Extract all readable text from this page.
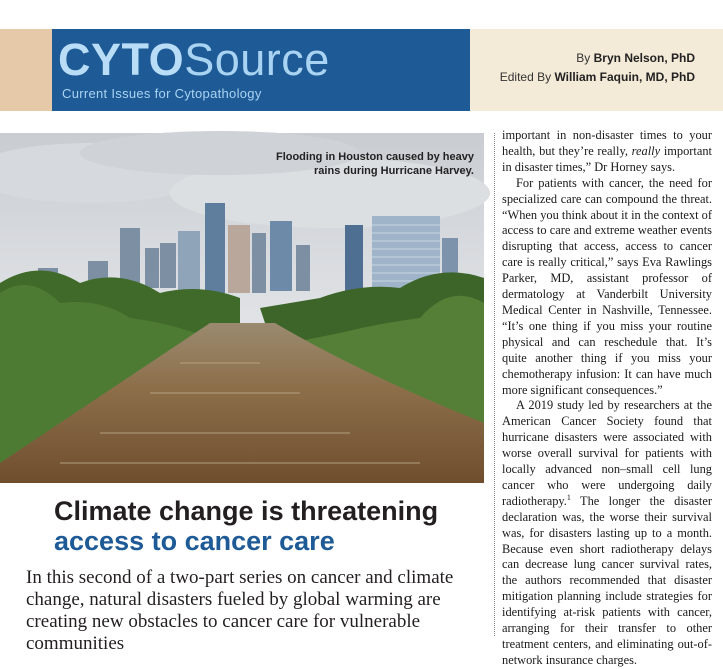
CYTOSource
Current Issues for Cytopathology
By Bryn Nelson, PhD
Edited By William Faquin, MD, PhD
Flooding in Houston caused by heavy rains during Hurricane Harvey.
Climate change is threatening
access to cancer care
In this second of a two-part series on cancer and climate change, natural disasters fueled by global warming are creating new obstacles to cancer care for vulnerable communities

important in non-disaster times to your health, but they’re really, really important in disaster times,” Dr Horney says.

For patients with cancer, the need for specialized care can compound the threat. “When you think about it in the context of access to care and extreme weather events disrupting that access, access to cancer care is really critical,” says Eva Rawlings Parker, MD, assistant professor of dermatology at Vanderbilt University Medical Center in Nashville, Tennessee. “It’s one thing if you miss your routine physical and can reschedule that. It’s quite another thing if you miss your chemotherapy infusion: It can have much more significant consequences.”

A 2019 study led by researchers at the American Cancer Society found that hurricane disasters were associated with worse overall survival for patients with locally advanced non–small cell lung cancer who were undergoing daily radiotherapy.$^1$ The longer the disaster declaration was, the worse their survival was, for disasters lasting up to a month. Because even short radiotherapy delays can decrease lung cancer survival rates, the authors recommended that disaster mitigation planning include strategies for identifying at-risk patients with cancer, arranging for their transfer to other treatment centers, and eliminating out-of-network insurance charges.
